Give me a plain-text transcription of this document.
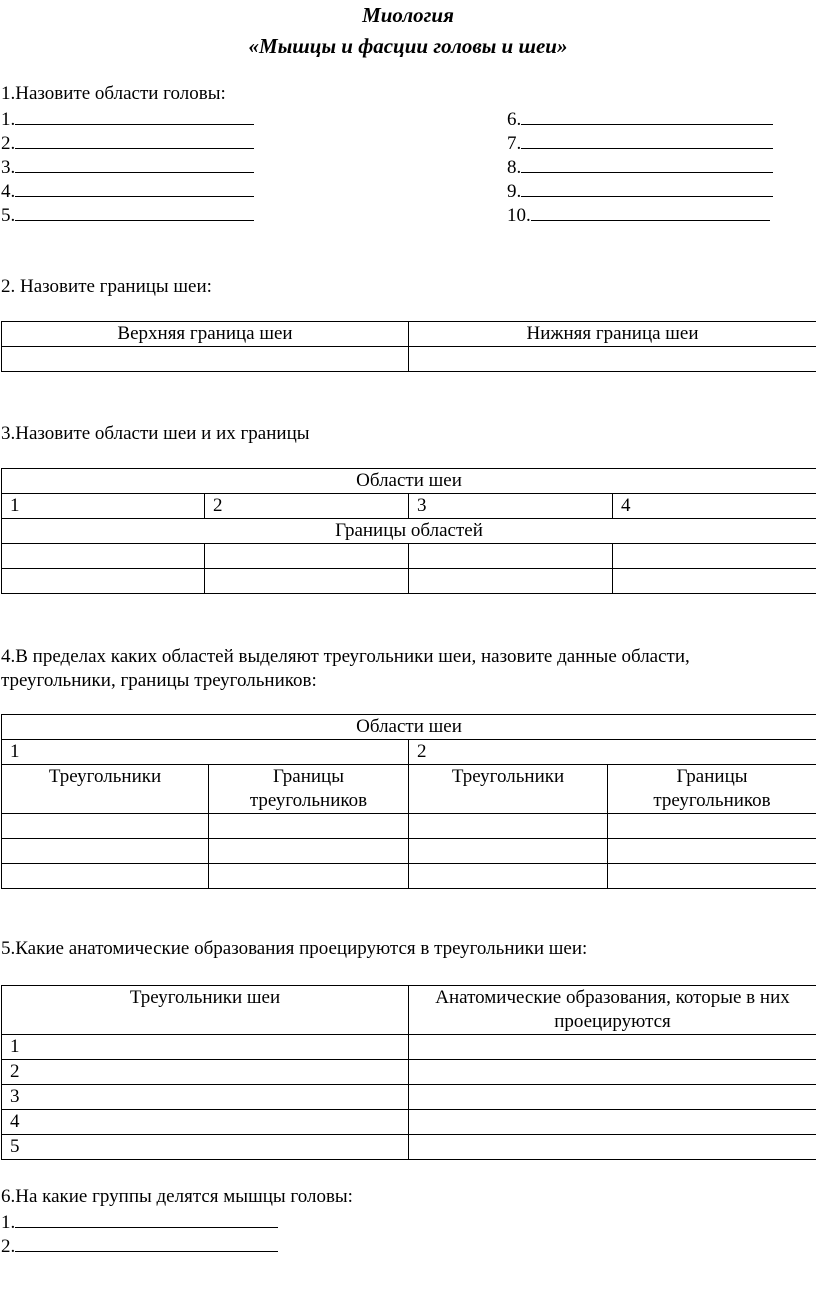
Миология
«Мышцы и фасции головы и шеи»
1.Назовите области головы:
1.
2.
3.
4.
5.
6.
7.
8.
9.
10.
2. Назовите границы шеи:
Верхняя граница шеи	Нижняя граница шеи

3.Назовите области шеи и их границы
Области шеи			
1	2	3	4
Границы областей			

4.В пределах каких областей выделяют треугольники шеи, назовите данные области,
треугольники, границы треугольников:
Области шеи			
1		2	
Треугольники	Границы треугольников	Треугольники	Границы треугольников

5.Какие анатомические образования проецируются в треугольники шеи:
Треугольники шеи	Анатомические образования, которые в них проецируются
1	
2	
3	
4	
5	
6.На какие группы делятся мышцы головы:
1.
2.
